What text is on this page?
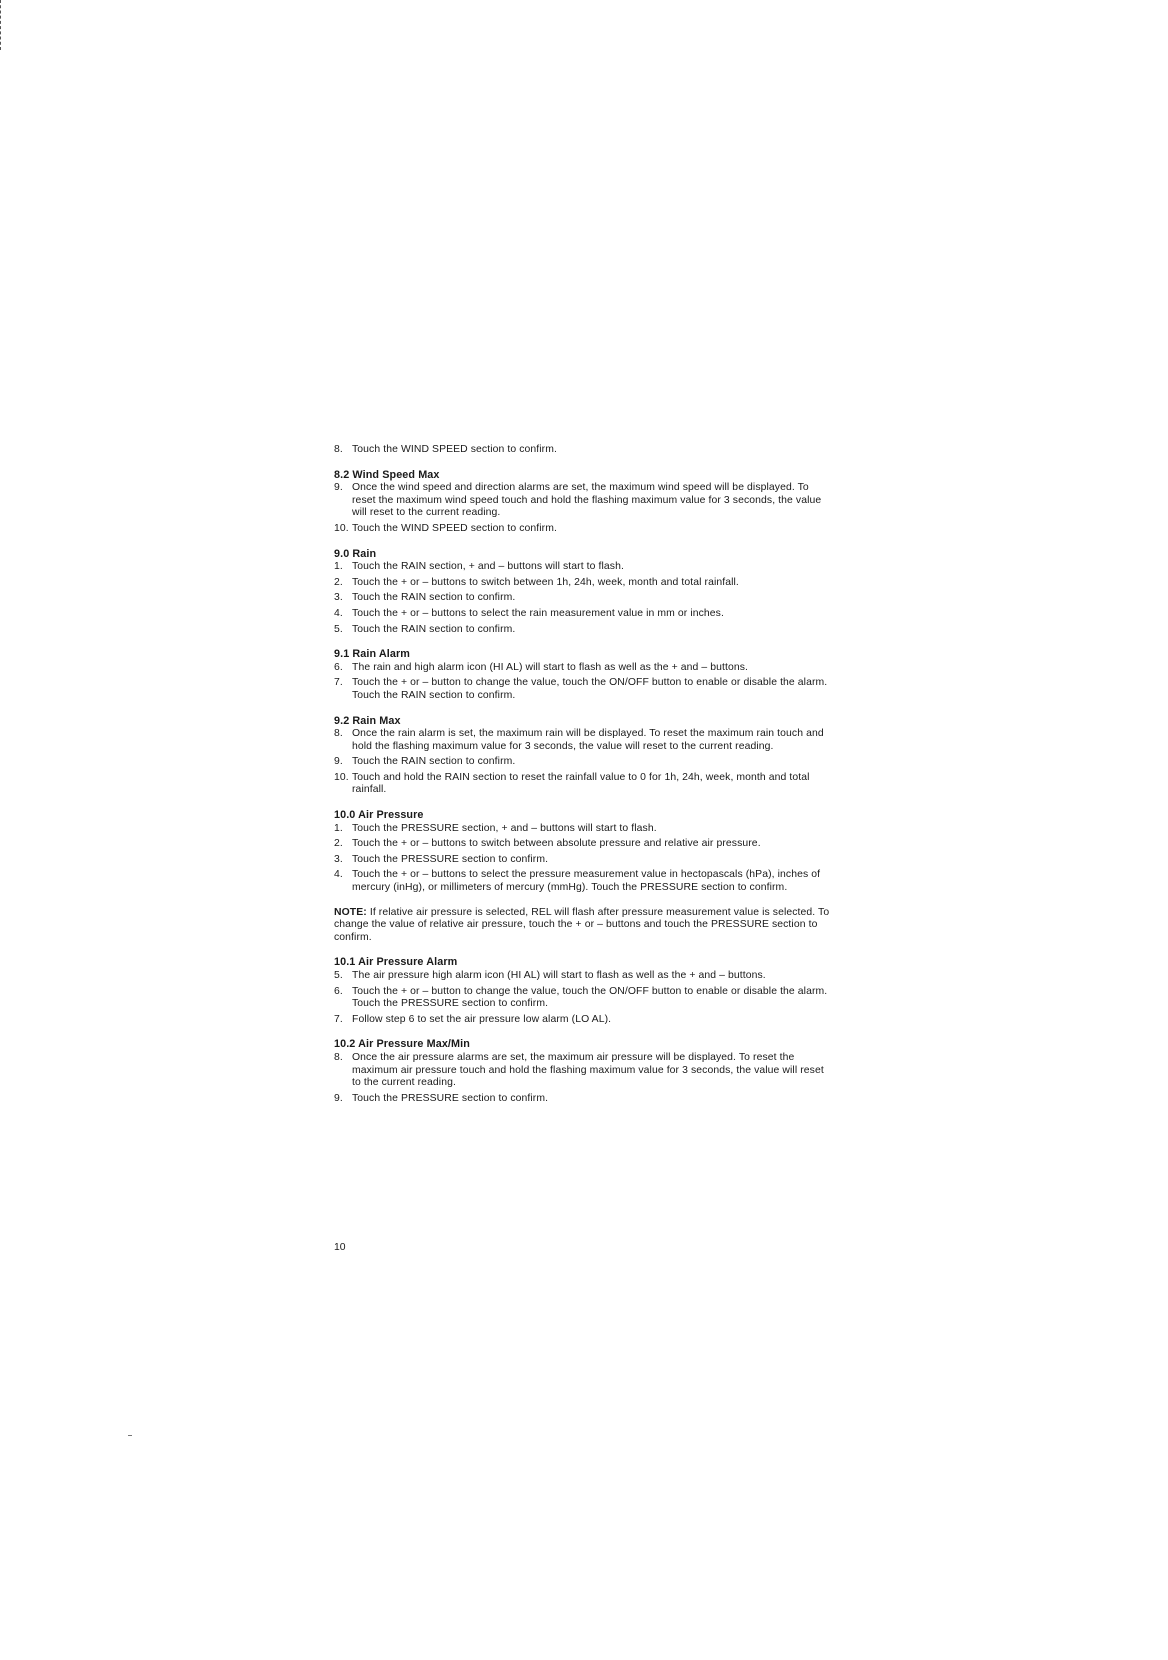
8. Touch the WIND SPEED section to confirm.

8.2 Wind Speed Max

9. Once the wind speed and direction alarms are set, the maximum wind speed will be displayed. To reset the maximum wind speed touch and hold the flashing maximum value for 3 seconds, the value will reset to the current reading.
10. Touch the WIND SPEED section to confirm.

9.0 Rain

1. Touch the RAIN section, + and – buttons will start to flash.
2. Touch the + or – buttons to switch between 1h, 24h, week, month and total rainfall.
3. Touch the RAIN section to confirm.
4. Touch the + or – buttons to select the rain measurement value in mm or inches.
5. Touch the RAIN section to confirm.

9.1 Rain Alarm

6. The rain and high alarm icon (HI AL) will start to flash as well as the + and – buttons.
7. Touch the + or – button to change the value, touch the ON/OFF button to enable or disable the alarm. Touch the RAIN section to confirm.

9.2 Rain Max

8. Once the rain alarm is set, the maximum rain will be displayed. To reset the maximum rain touch and hold the flashing maximum value for 3 seconds, the value will reset to the current reading.
9. Touch the RAIN section to confirm.
10. Touch and hold the RAIN section to reset the rainfall value to 0 for 1h, 24h, week, month and total rainfall.

10.0 Air Pressure

1. Touch the PRESSURE section, + and – buttons will start to flash.
2. Touch the + or – buttons to switch between absolute pressure and relative air pressure.
3. Touch the PRESSURE section to confirm.
4. Touch the + or – buttons to select the pressure measurement value in hectopascals (hPa), inches of mercury (inHg), or millimeters of mercury (mmHg). Touch the PRESSURE section to confirm.

NOTE: If relative air pressure is selected, REL will flash after pressure measurement value is selected. To change the value of relative air pressure, touch the + or – buttons and touch the PRESSURE section to confirm.

10.1 Air Pressure Alarm

5. The air pressure high alarm icon (HI AL) will start to flash as well as the + and – buttons.
6. Touch the + or – button to change the value, touch the ON/OFF button to enable or disable the alarm. Touch the PRESSURE section to confirm.
7. Follow step 6 to set the air pressure low alarm (LO AL).

10.2 Air Pressure Max/Min

8. Once the air pressure alarms are set, the maximum air pressure will be displayed. To reset the maximum air pressure touch and hold the flashing maximum value for 3 seconds, the value will reset to the current reading.
9. Touch the PRESSURE section to confirm.
10
